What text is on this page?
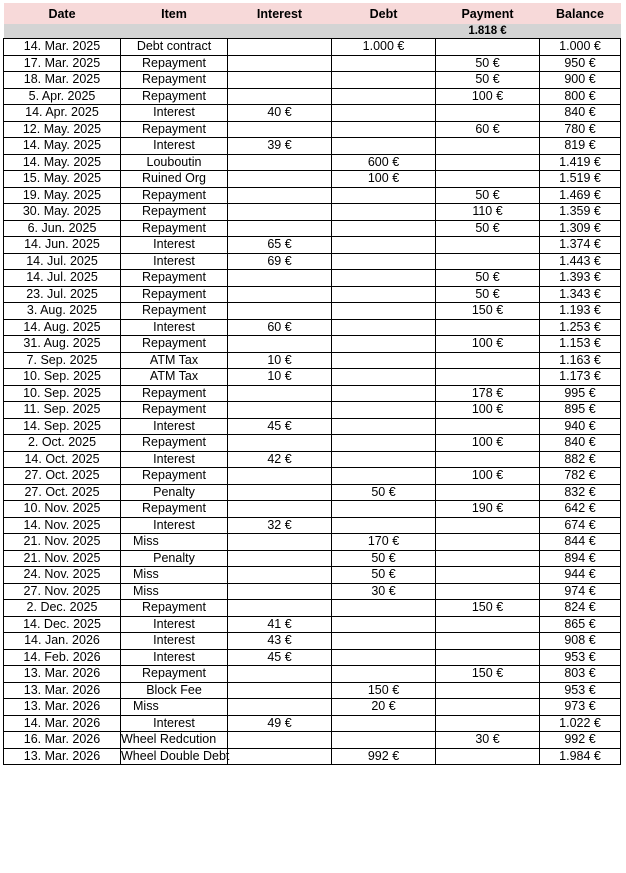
Date	Item	Interest	Debt	Payment	Balance
				1.818 €	
14. Mar. 2025	Debt contract		1.000 €		1.000 €
17. Mar. 2025	Repayment			50 €	950 €
18. Mar. 2025	Repayment			50 €	900 €
5. Apr. 2025	Repayment			100 €	800 €
14. Apr. 2025	Interest	40 €			840 €
12. May. 2025	Repayment			60 €	780 €
14. May. 2025	Interest	39 €			819 €
14. May. 2025	Louboutin		600 €		1.419 €
15. May. 2025	Ruined Org		100 €		1.519 €
19. May. 2025	Repayment			50 €	1.469 €
30. May. 2025	Repayment			110 €	1.359 €
6. Jun. 2025	Repayment			50 €	1.309 €
14. Jun. 2025	Interest	65 €			1.374 €
14. Jul. 2025	Interest	69 €			1.443 €
14. Jul. 2025	Repayment			50 €	1.393 €
23. Jul. 2025	Repayment			50 €	1.343 €
3. Aug. 2025	Repayment			150 €	1.193 €
14. Aug. 2025	Interest	60 €			1.253 €
31. Aug. 2025	Repayment			100 €	1.153 €
7. Sep. 2025	ATM Tax	10 €			1.163 €
10. Sep. 2025	ATM Tax	10 €			1.173 €
10. Sep. 2025	Repayment			178 €	995 €
11. Sep. 2025	Repayment			100 €	895 €
14. Sep. 2025	Interest	45 €			940 €
2. Oct. 2025	Repayment			100 €	840 €
14. Oct. 2025	Interest	42 €			882 €
27. Oct. 2025	Repayment			100 €	782 €
27. Oct. 2025	Penalty		50 €		832 €
10. Nov. 2025	Repayment			190 €	642 €
14. Nov. 2025	Interest	32 €			674 €
21. Nov. 2025	Miss		170 €		844 €
21. Nov. 2025	Penalty		50 €		894 €
24. Nov. 2025	Miss		50 €		944 €
27. Nov. 2025	Miss		30 €		974 €
2. Dec. 2025	Repayment			150 €	824 €
14. Dec. 2025	Interest	41 €			865 €
14. Jan. 2026	Interest	43 €			908 €
14. Feb. 2026	Interest	45 €			953 €
13. Mar. 2026	Repayment			150 €	803 €
13. Mar. 2026	Block Fee		150 €		953 €
13. Mar. 2026	Miss		20 €		973 €
14. Mar. 2026	Interest	49 €			1.022 €
16. Mar. 2026	Wheel Redcution			30 €	992 €
13. Mar. 2026	Wheel Double Debt		992 €		1.984 €
